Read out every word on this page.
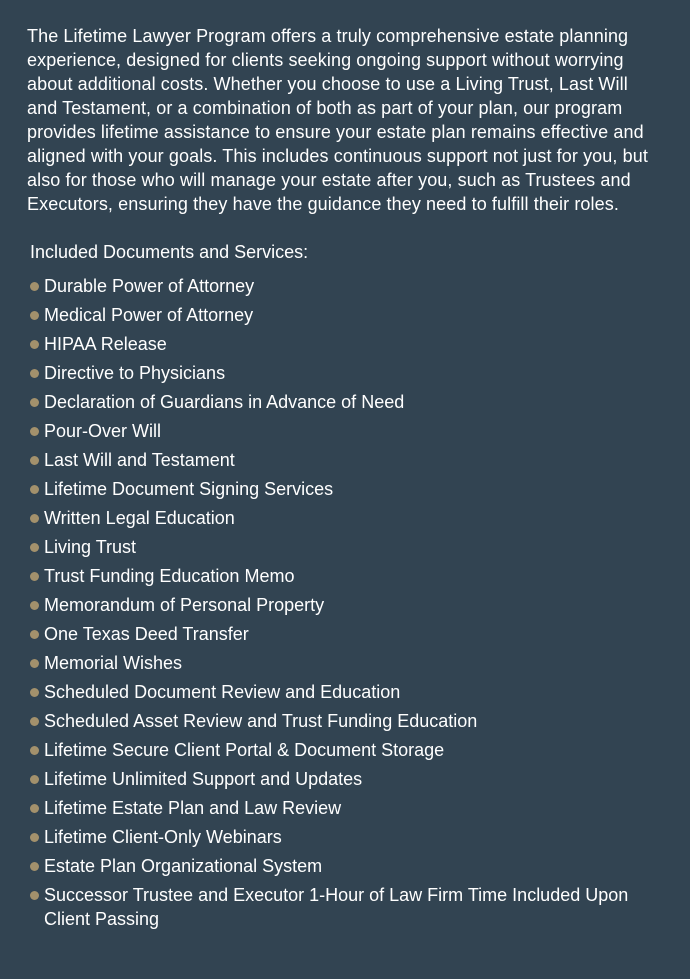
The Lifetime Lawyer Program offers a truly comprehensive estate planning experience, designed for clients seeking ongoing support without worrying about additional costs. Whether you choose to use a Living Trust, Last Will and Testament, or a combination of both as part of your plan, our program provides lifetime assistance to ensure your estate plan remains effective and aligned with your goals. This includes continuous support not just for you, but also for those who will manage your estate after you, such as Trustees and Executors, ensuring they have the guidance they need to fulfill their roles.

Included Documents and Services:
Durable Power of Attorney
Medical Power of Attorney
HIPAA Release
Directive to Physicians
Declaration of Guardians in Advance of Need
Pour-Over Will
Last Will and Testament
Lifetime Document Signing Services
Written Legal Education
Living Trust
Trust Funding Education Memo
Memorandum of Personal Property
One Texas Deed Transfer
Memorial Wishes
Scheduled Document Review and Education
Scheduled Asset Review and Trust Funding Education
Lifetime Secure Client Portal & Document Storage
Lifetime Unlimited Support and Updates
Lifetime Estate Plan and Law Review
Lifetime Client-Only Webinars
Estate Plan Organizational System
Successor Trustee and Executor 1-Hour of Law Firm Time Included Upon Client Passing
